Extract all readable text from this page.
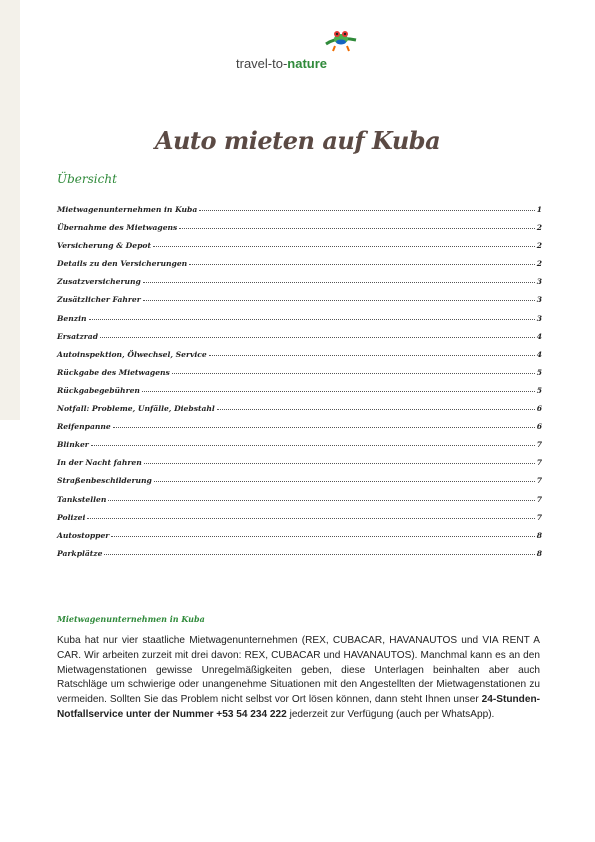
travel-to-nature
Auto mieten auf Kuba
Übersicht
Mietwagenunternehmen in Kuba	1
Übernahme des Mietwagens	2
Versicherung & Depot	2
Details zu den Versicherungen	2
Zusatzversicherung	3
Zusätzlicher Fahrer	3
Benzin	3
Ersatzrad	4
Autoinspektion, Ölwechsel, Service	4
Rückgabe des Mietwagens	5
Rückgabegebühren	5
Notfall: Probleme, Unfälle, Diebstahl	6
Reifenpanne	6
Blinker	7
In der Nacht fahren	7
Straßenbeschilderung	7
Tankstellen	7
Polizei	7
Autostopper	8
Parkplätze	8
Mietwagenunternehmen in Kuba

Kuba hat nur vier staatliche Mietwagenunternehmen (REX, CUBACAR, HAVANAUTOS und VIA RENT A CAR. Wir arbeiten zurzeit mit drei davon: REX, CUBACAR und HAVANAUTOS). Manchmal kann es an den Mietwagenstationen gewisse Unregelmäßigkeiten geben, diese Unterlagen beinhalten aber auch Ratschläge um schwierige oder unangenehme Situationen mit den Angestellten der Mietwagenstationen zu vermeiden. Sollten Sie das Problem nicht selbst vor Ort lösen können, dann steht Ihnen unser 24-Stunden-Notfallservice unter der Nummer +53 54 234 222 jederzeit zur Verfügung (auch per WhatsApp).
